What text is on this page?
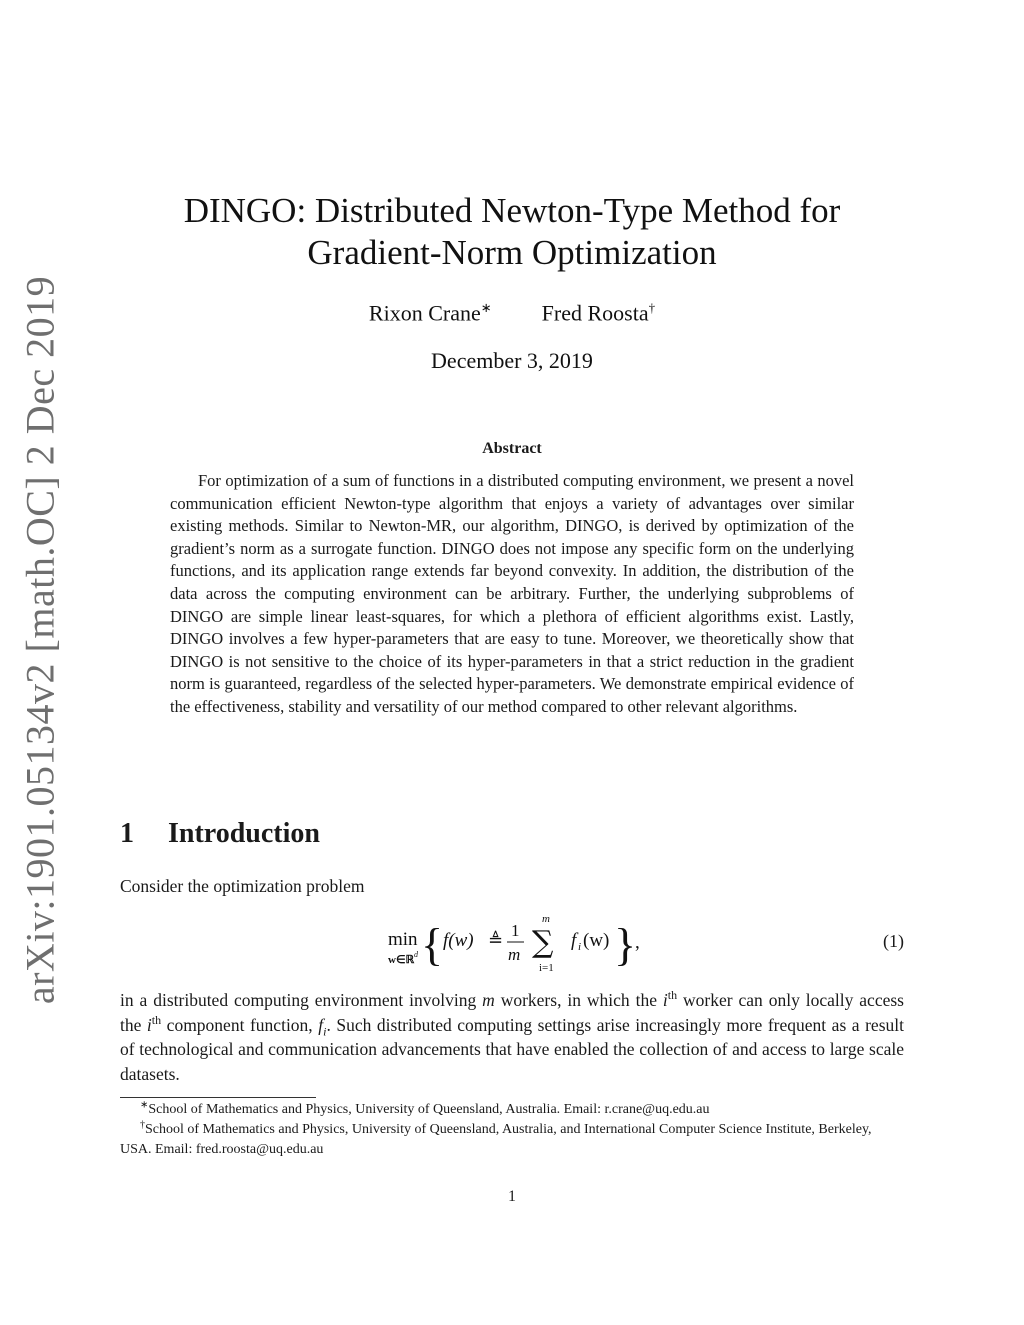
arXiv:1901.05134v2 [math.OC] 2 Dec 2019
DINGO: Distributed Newton-Type Method for
Gradient-Norm Optimization
Rixon Crane∗ Fred Roosta†
December 3, 2019
Abstract
For optimization of a sum of functions in a distributed computing environment, we present a novel communication efficient Newton-type algorithm that enjoys a variety of advantages over similar existing methods. Similar to Newton-MR, our algorithm, DINGO, is derived by optimization of the gradient’s norm as a surrogate function. DINGO does not impose any specific form on the underlying functions, and its application range extends far beyond convexity. In addition, the distribution of the data across the computing environment can be arbitrary. Further, the underlying subproblems of DINGO are simple linear least-squares, for which a plethora of efficient algorithms exist. Lastly, DINGO involves a few hyper-parameters that are easy to tune. Moreover, we theoretically show that DINGO is not sensitive to the choice of its hyper-parameters in that a strict reduction in the gradient norm is guaranteed, regardless of the selected hyper-parameters. We demonstrate empirical evidence of the effectiveness, stability and versatility of our method compared to other relevant algorithms.
1 Introduction
Consider the optimization problem
min
w∈ℝ d { f(w) ≜ 1
m
m
∑
i=1
f i (w) }
,	(1)
in a distributed computing environment involving m workers, in which the $i^{th}$ worker can only locally access the $i^{th}$ component function, $f_i$. Such distributed computing settings arise increasingly more frequent as a result of technological and communication advancements that have enabled the collection of and access to large scale datasets.

∗School of Mathematics and Physics, University of Queensland, Australia. Email: r.crane@uq.edu.au

†School of Mathematics and Physics, University of Queensland, Australia, and International Computer Science Institute, Berkeley, USA. Email: fred.roosta@uq.edu.au

1
